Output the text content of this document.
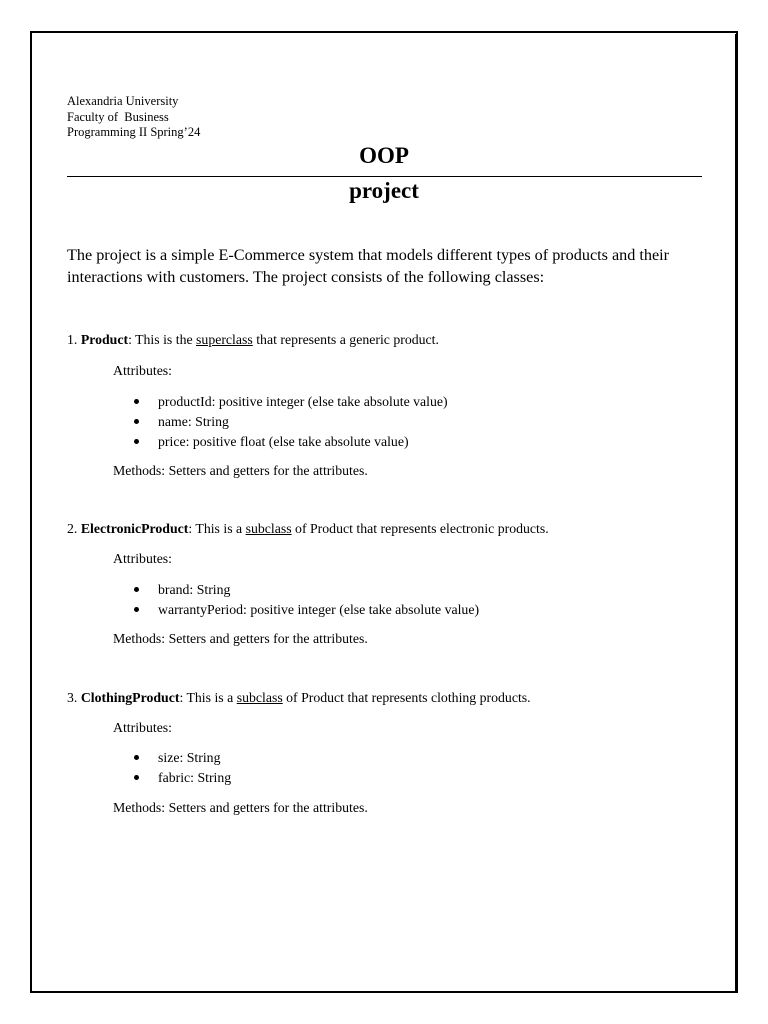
Alexandria University
Faculty of  Business
Programming II Spring’24
OOP
project
The project is a simple E-Commerce system that models different types of products and their interactions with customers. The project consists of the following classes:
1. Product: This is the superclass that represents a generic product.
Attributes:
productId: positive integer (else take absolute value)
name: String
price: positive float (else take absolute value)
Methods: Setters and getters for the attributes.
2. ElectronicProduct: This is a subclass of Product that represents electronic products.
Attributes:
brand: String
warrantyPeriod: positive integer (else take absolute value)
Methods: Setters and getters for the attributes.
3. ClothingProduct: This is a subclass of Product that represents clothing products.
Attributes:
size: String
fabric: String
Methods: Setters and getters for the attributes.
